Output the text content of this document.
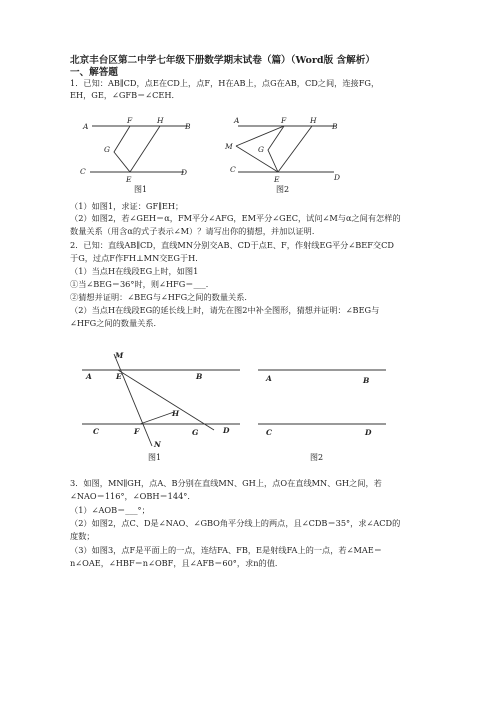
北京丰台区第二中学七年级下册数学期末试卷（篇）（Word版 含解析）
一、解答题
1．已知：AB∥CD，点E在CD上，点F，H在AB上，点G在AB，CD之间，连接FG，
EH，GE，∠GFB＝∠CEH．
A	B
C	D
F	H
G
E
A
B
M	G
C
D
F	H
E
图1	图2
（1）如图1，求证：GF∥EH；
（2）如图2，若∠GEH＝α，FM平分∠AFG，EM平分∠GEC，试问∠M与α之间有怎样的
数量关系（用含α的式子表示∠M）？请写出你的猜想，并加以证明．
2．已知：直线AB∥CD，直线MN分别交AB、CD于点E、F，作射线EG平分∠BEF交CD
于G，过点F作FH⊥MN交EG于H．
（1）当点H在线段EG上时，如图1
①当∠BEG＝36°时，则∠HFG＝___．
②猜想并证明：∠BEG与∠HFG之间的数量关系．
（2）当点H在线段EG的延长线上时，请先在图2中补全图形，猜想并证明：∠BEG与
∠HFG之间的数量关系．
M
A	E	B
H
C	F	G	D
N
A	B
C	D
图1	图2
3．如图，MN∥GH，点A、B分别在直线MN、GH上，点O在直线MN、GH之间，若
∠NAO＝116°，∠OBH＝144°．
（1）∠AOB＝___°；
（2）如图2，点C、D是∠NAO、∠GBO角平分线上的两点，且∠CDB＝35°，求∠ACD的
度数；
（3）如图3，点F是平面上的一点，连结FA、FB，E是射线FA上的一点，若∠MAE＝
n∠OAE，∠HBF＝n∠OBF，且∠AFB＝60°，求n的值．
